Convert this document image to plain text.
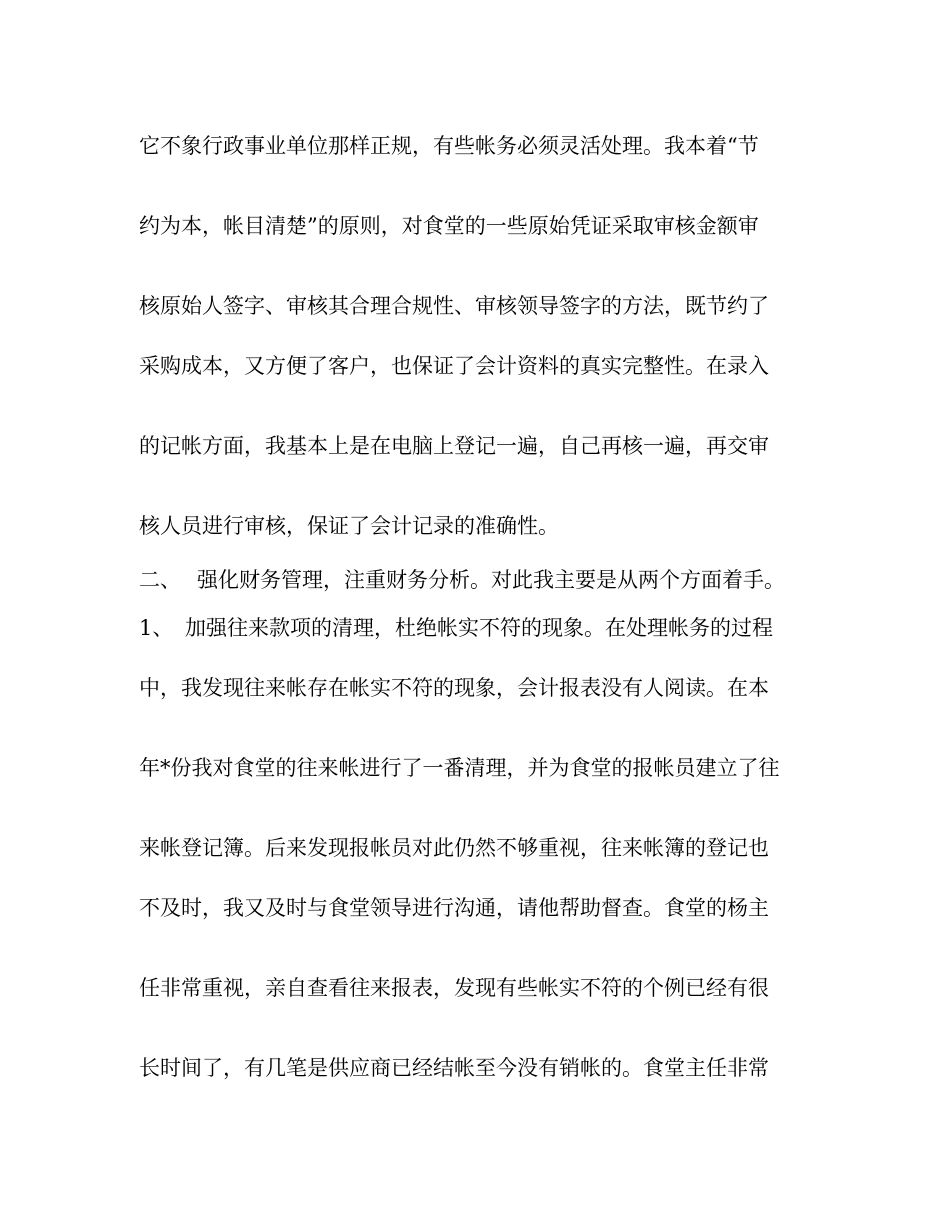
它不象行政事业单位那样正规，有些帐务必须灵活处理。我本着“节
约为本，帐目清楚”的原则，对食堂的一些原始凭证采取审核金额审
核原始人签字、审核其合理合规性、审核领导签字的方法，既节约了
采购成本，又方便了客户，也保证了会计资料的真实完整性。在录入
的记帐方面，我基本上是在电脑上登记一遍，自己再核一遍，再交审
核人员进行审核，保证了会计记录的准确性。
二、 强化财务管理，注重财务分析。对此我主要是从两个方面着手。
1、 加强往来款项的清理，杜绝帐实不符的现象。在处理帐务的过程
中，我发现往来帐存在帐实不符的现象，会计报表没有人阅读。在本
年*份我对食堂的往来帐进行了一番清理，并为食堂的报帐员建立了往
来帐登记簿。后来发现报帐员对此仍然不够重视，往来帐簿的登记也
不及时，我又及时与食堂领导进行沟通，请他帮助督查。食堂的杨主
任非常重视，亲自查看往来报表，发现有些帐实不符的个例已经有很
长时间了，有几笔是供应商已经结帐至今没有销帐的。食堂主任非常
